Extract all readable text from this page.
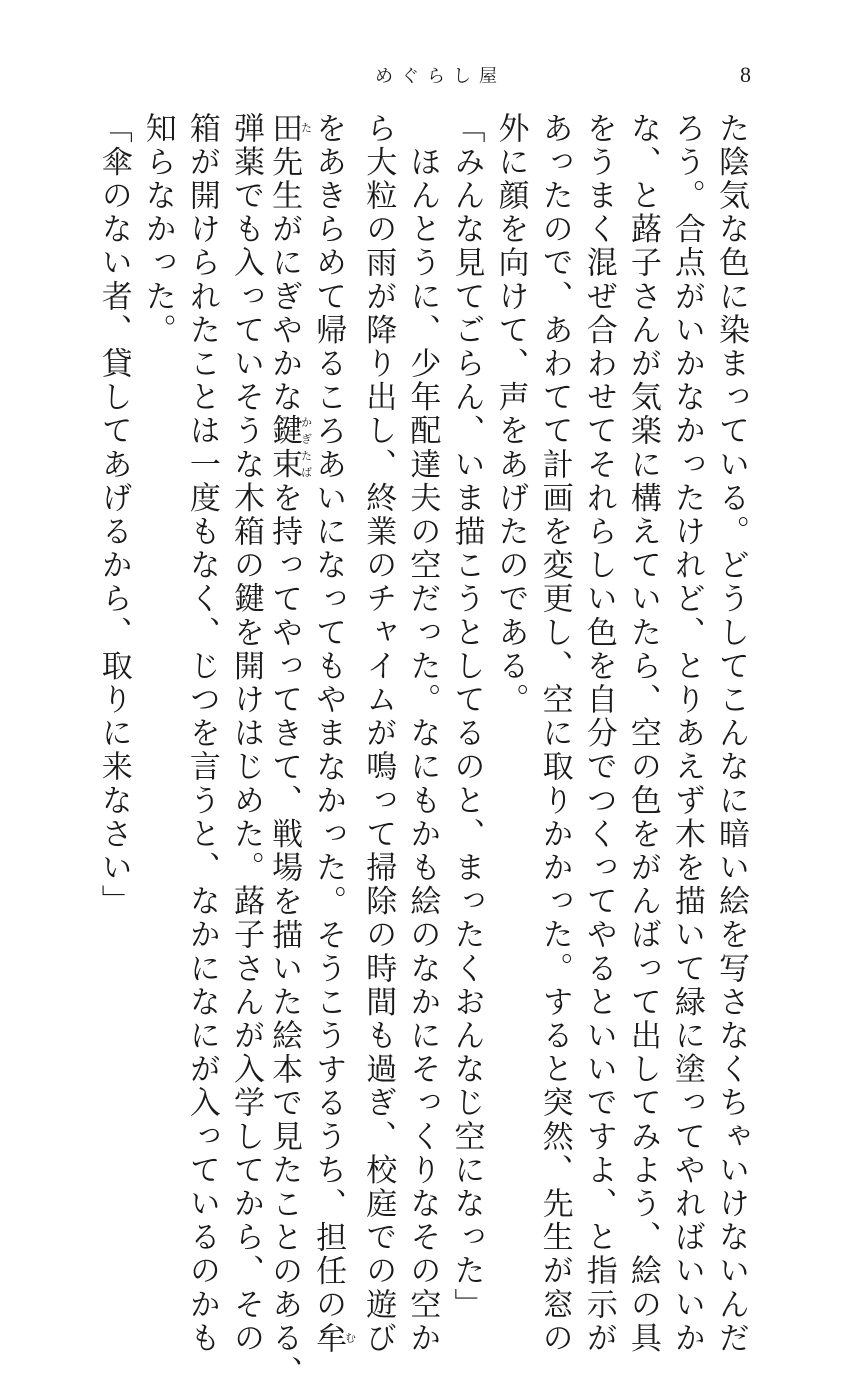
めぐらし屋	8
た陰気な色に染まっている。どうしてこんなに暗い絵を写さなくちゃいけないんだ
ろう。合点がいかなかったけれど、とりあえず木を描いて緑に塗ってやればいいか
な、と蕗子さんが気楽に構えていたら、空の色をがんばって出してみよう、絵の具
をうまく混ぜ合わせてそれらしい色を自分でつくってやるといいですよ、と指示が
あったので、あわてて計画を変更し、空に取りかかった。すると突然、先生が窓の
外に顔を向けて、声をあげたのである。
「みんな見てごらん、いま描こうとしてるのと、まったくおんなじ空になった」
　ほんとうに、少年配達夫の空だった。なにもかも絵のなかにそっくりなその空か
ら大粒の雨が降り出し、終業のチャイムが鳴って掃除の時間も過ぎ、校庭での遊び
をあきらめて帰るころあいになってもやまなかった。そうこうするうち、担任の牟む
田た先生がにぎやかな鍵束かぎたばを持ってやってきて、戦場を描いた絵本で見たことのある、
弾薬でも入っていそうな木箱の鍵を開けはじめた。蕗子さんが入学してから、その
箱が開けられたことは一度もなく、じつを言うと、なかになにが入っているのかも
知らなかった。
「傘のない者、貸してあげるから、取りに来なさい」
